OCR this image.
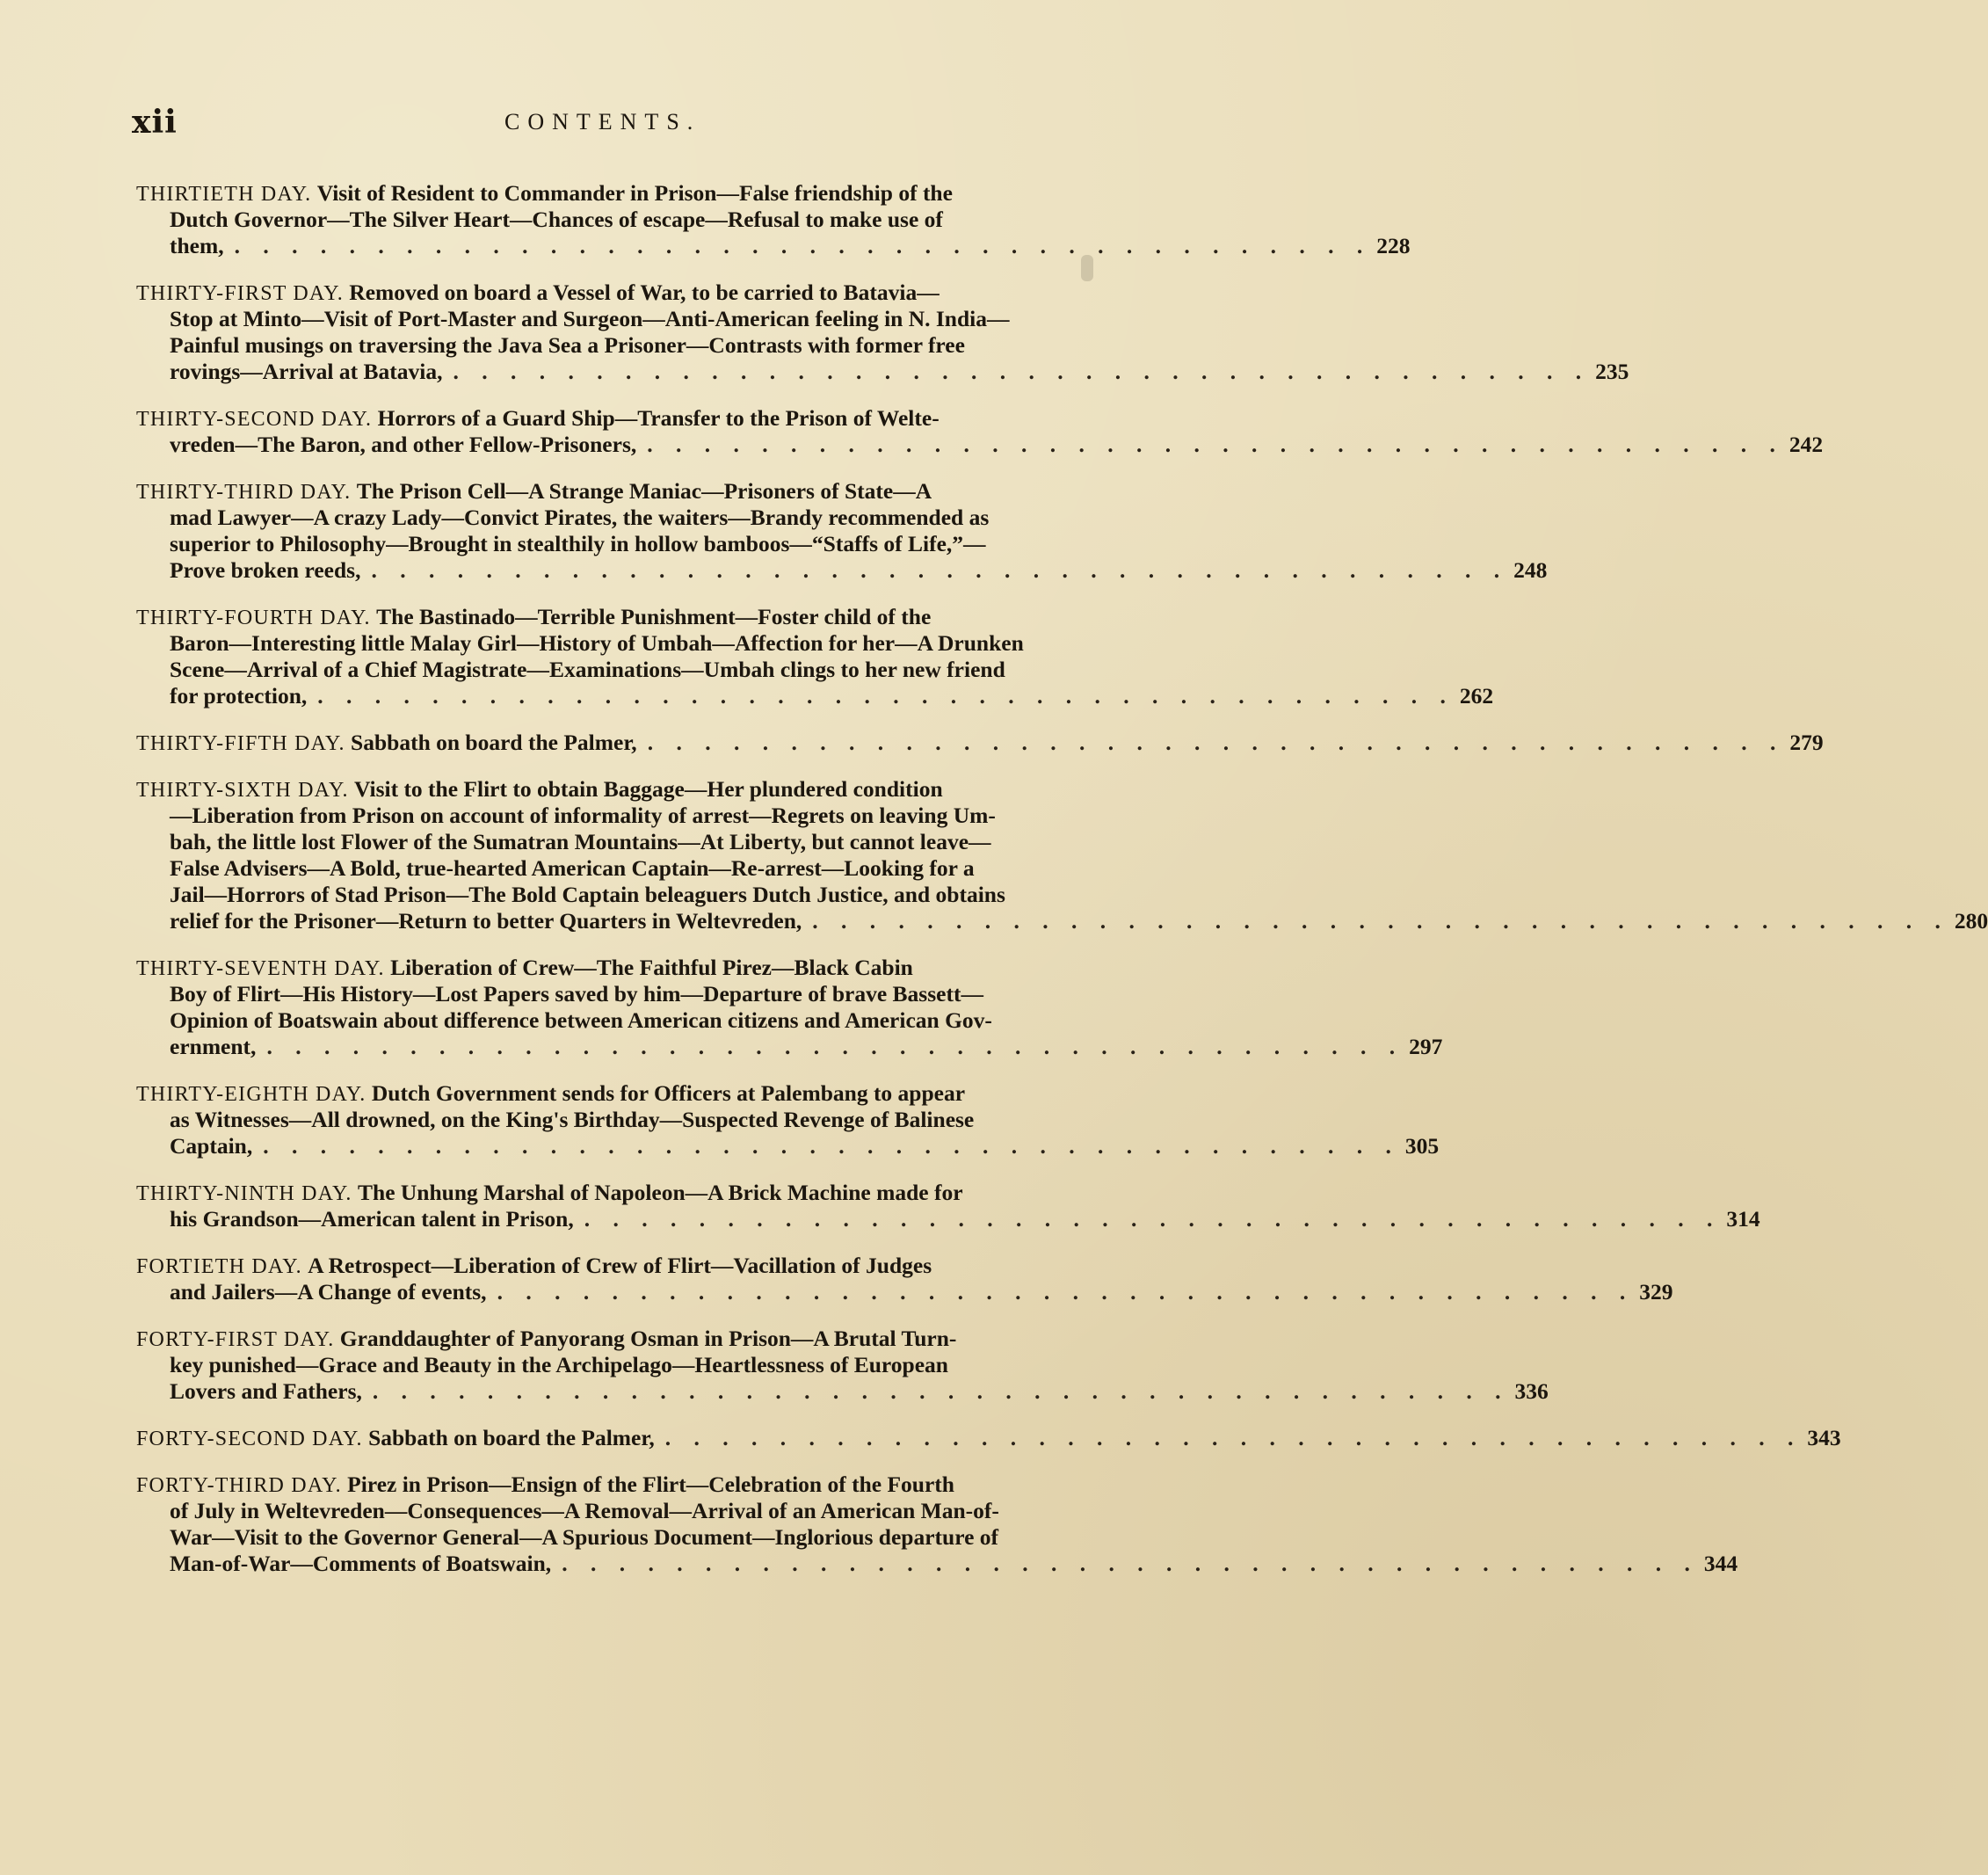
xii	CONTENTS.
THIRTIETH DAY. Visit of Resident to Commander in Prison—False friendship of the
Dutch Governor—The Silver Heart—Chances of escape—Refusal to make use of
them, . . . . . . . . . . . . . . . . . . . . . . . . . . . . . . . . . . . . . . . . 228
THIRTY-FIRST DAY. Removed on board a Vessel of War, to be carried to Batavia—
Stop at Minto—Visit of Port-Master and Surgeon—Anti-American feeling in N. India—
Painful musings on traversing the Java Sea a Prisoner—Contrasts with former free
rovings—Arrival at Batavia, . . . . . . . . . . . . . . . . . . . . . . . . . . . . . . . . . . . . . . . . 235
THIRTY-SECOND DAY. Horrors of a Guard Ship—Transfer to the Prison of Welte-
vreden—The Baron, and other Fellow-Prisoners, . . . . . . . . . . . . . . . . . . . . . . . . . . . . . . . . . . . . . . . . 242
THIRTY-THIRD DAY. The Prison Cell—A Strange Maniac—Prisoners of State—A
mad Lawyer—A crazy Lady—Convict Pirates, the waiters—Brandy recommended as
superior to Philosophy—Brought in stealthily in hollow bamboos—“Staffs of Life,”—
Prove broken reeds, . . . . . . . . . . . . . . . . . . . . . . . . . . . . . . . . . . . . . . . . 248
THIRTY-FOURTH DAY. The Bastinado—Terrible Punishment—Foster child of the
Baron—Interesting little Malay Girl—History of Umbah—Affection for her—A Drunken
Scene—Arrival of a Chief Magistrate—Examinations—Umbah clings to her new friend
for protection, . . . . . . . . . . . . . . . . . . . . . . . . . . . . . . . . . . . . . . . . 262
THIRTY-FIFTH DAY. Sabbath on board the Palmer, . . . . . . . . . . . . . . . . . . . . . . . . . . . . . . . . . . . . . . . . 279
THIRTY-SIXTH DAY. Visit to the Flirt to obtain Baggage—Her plundered condition
—Liberation from Prison on account of informality of arrest—Regrets on leaving Um-
bah, the little lost Flower of the Sumatran Mountains—At Liberty, but cannot leave—
False Advisers—A Bold, true-hearted American Captain—Re-arrest—Looking for a
Jail—Horrors of Stad Prison—The Bold Captain beleaguers Dutch Justice, and obtains
relief for the Prisoner—Return to better Quarters in Weltevreden, . . . . . . . . . . . . . . . . . . . . . . . . . . . . . . . . . . . . . . . . 280
THIRTY-SEVENTH DAY. Liberation of Crew—The Faithful Pirez—Black Cabin
Boy of Flirt—His History—Lost Papers saved by him—Departure of brave Bassett—
Opinion of Boatswain about difference between American citizens and American Gov-
ernment, . . . . . . . . . . . . . . . . . . . . . . . . . . . . . . . . . . . . . . . . 297
THIRTY-EIGHTH DAY. Dutch Government sends for Officers at Palembang to appear
as Witnesses—All drowned, on the King's Birthday—Suspected Revenge of Balinese
Captain, . . . . . . . . . . . . . . . . . . . . . . . . . . . . . . . . . . . . . . . . 305
THIRTY-NINTH DAY. The Unhung Marshal of Napoleon—A Brick Machine made for
his Grandson—American talent in Prison, . . . . . . . . . . . . . . . . . . . . . . . . . . . . . . . . . . . . . . . . 314
FORTIETH DAY. A Retrospect—Liberation of Crew of Flirt—Vacillation of Judges
and Jailers—A Change of events, . . . . . . . . . . . . . . . . . . . . . . . . . . . . . . . . . . . . . . . . 329
FORTY-FIRST DAY. Granddaughter of Panyorang Osman in Prison—A Brutal Turn-
key punished—Grace and Beauty in the Archipelago—Heartlessness of European
Lovers and Fathers, . . . . . . . . . . . . . . . . . . . . . . . . . . . . . . . . . . . . . . . . 336
FORTY-SECOND DAY. Sabbath on board the Palmer, . . . . . . . . . . . . . . . . . . . . . . . . . . . . . . . . . . . . . . . . 343
FORTY-THIRD DAY. Pirez in Prison—Ensign of the Flirt—Celebration of the Fourth
of July in Weltevreden—Consequences—A Removal—Arrival of an American Man-of-
War—Visit to the Governor General—A Spurious Document—Inglorious departure of
Man-of-War—Comments of Boatswain, . . . . . . . . . . . . . . . . . . . . . . . . . . . . . . . . . . . . . . . . 344
